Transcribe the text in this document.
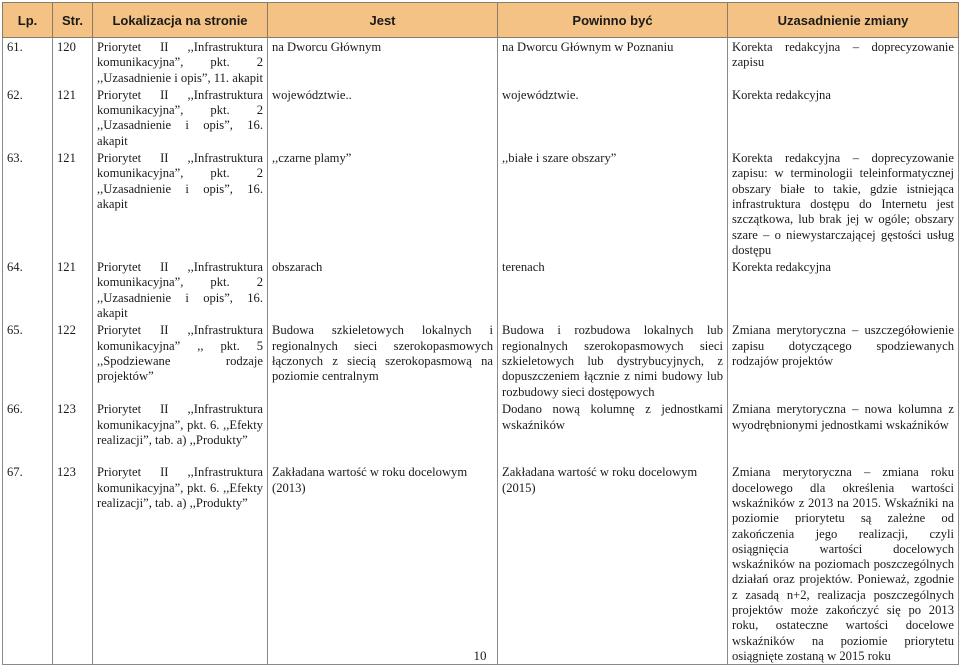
Lp.	Str.	Lokalizacja na stronie	Jest	Powinno być	Uzasadnienie zmiany
61.	120	Priorytet II ,,Infrastruktura komunikacyjna”, pkt. 2 ,,Uzasadnienie i opis”, 11. akapit	na Dworcu Głównym	na Dworcu Głównym w Poznaniu	Korekta redakcyjna – doprecyzowanie zapisu
62.	121	Priorytet II ,,Infrastruktura komunikacyjna”, pkt. 2 ,,Uzasadnienie i opis”, 16. akapit	województwie..	województwie.	Korekta redakcyjna
63.	121	Priorytet II ,,Infrastruktura komunikacyjna”, pkt. 2 ,,Uzasadnienie i opis”, 16. akapit	,,czarne plamy”	,,białe i szare obszary”	Korekta redakcyjna – doprecyzowanie zapisu: w terminologii teleinformatycznej obszary białe to takie, gdzie istniejąca infrastruktura dostępu do Internetu jest szczątkowa, lub brak jej w ogóle; obszary szare – o niewystarczającej gęstości usług dostępu
64.	121	Priorytet II ,,Infrastruktura komunikacyjna”, pkt. 2 ,,Uzasadnienie i opis”, 16. akapit	obszarach	terenach	Korekta redakcyjna
65.	122	Priorytet II ,,Infrastruktura komunikacyjna” ,, pkt. 5 ,,Spodziewane rodzaje projektów”	Budowa szkieletowych lokalnych i regionalnych sieci szerokopasmowych łączonych z siecią szerokopasmową na poziomie centralnym	Budowa i rozbudowa lokalnych lub regionalnych szerokopasmowych sieci szkieletowych lub dystrybucyjnych, z dopuszczeniem łącznie z nimi budowy lub rozbudowy sieci dostępowych	Zmiana merytoryczna – uszczegółowienie zapisu dotyczącego spodziewanych rodzajów projektów
66.	123	Priorytet II ,,Infrastruktura komunikacyjna”, pkt. 6. ,,Efekty realizacji”, tab. a) ,,Produkty”		Dodano nową kolumnę z jednostkami wskaźników	Zmiana merytoryczna – nowa kolumna z wyodrębnionymi jednostkami wskaźników
67.	123	Priorytet II ,,Infrastruktura komunikacyjna”, pkt. 6. ,,Efekty realizacji”, tab. a) ,,Produkty”	Zakładana wartość w roku docelowym (2013)	Zakładana wartość w roku docelowym (2015)	Zmiana merytoryczna – zmiana roku docelowego dla określenia wartości wskaźników z 2013 na 2015. Wskaźniki na poziomie priorytetu są zależne od zakończenia jego realizacji, czyli osiągnięcia wartości docelowych wskaźników na poziomach poszczególnych działań oraz projektów. Ponieważ, zgodnie z zasadą n+2, realizacja poszczególnych projektów może zakończyć się po 2013 roku, ostateczne wartości docelowe wskaźników na poziomie priorytetu osiągnięte zostaną w 2015 roku
10
